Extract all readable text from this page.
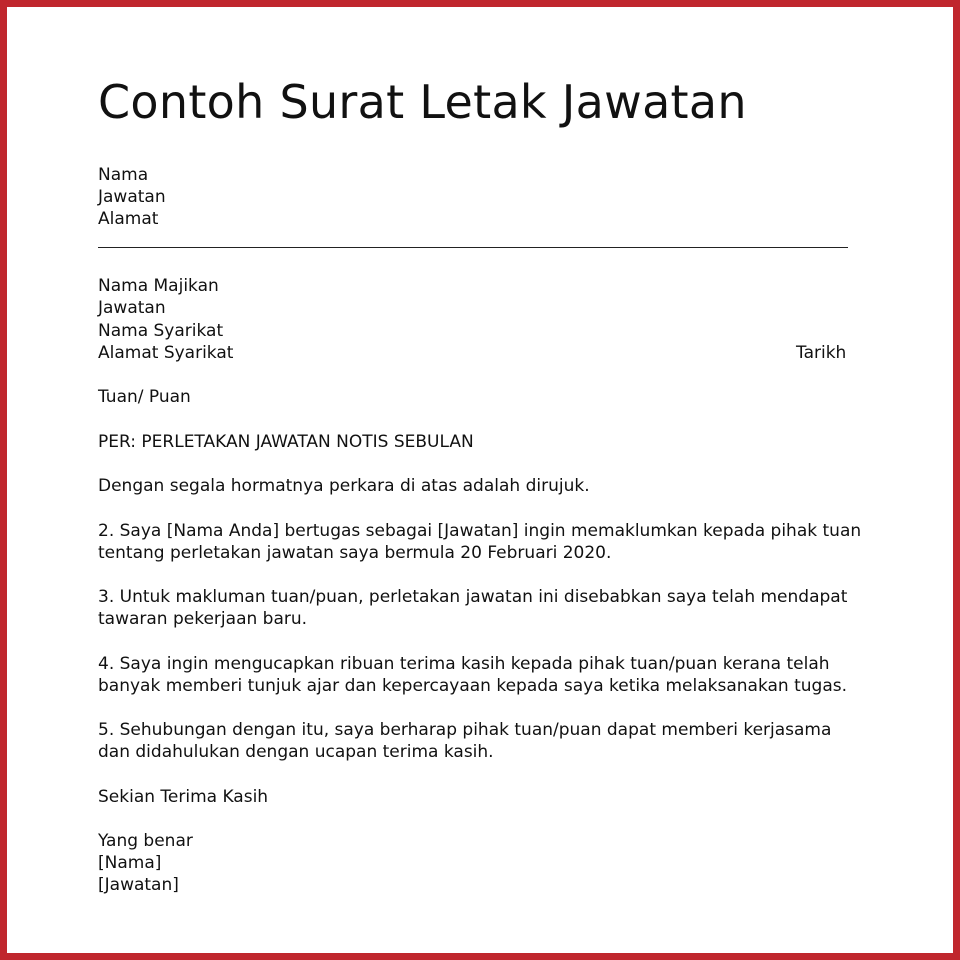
Contoh Surat Letak Jawatan

Nama

Jawatan

Alamat

Nama Majikan

Jawatan

Nama Syarikat

Alamat Syarikat	Tarikh

Tuan/ Puan

PER: PERLETAKAN JAWATAN NOTIS SEBULAN

Dengan segala hormatnya perkara di atas adalah dirujuk.

2. Saya [Nama Anda] bertugas sebagai [Jawatan] ingin memaklumkan kepada pihak tuan

tentang perletakan jawatan saya bermula 20 Februari 2020.

3. Untuk makluman tuan/puan, perletakan jawatan ini disebabkan saya telah mendapat

tawaran pekerjaan baru.

4. Saya ingin mengucapkan ribuan terima kasih kepada pihak tuan/puan kerana telah

banyak memberi tunjuk ajar dan kepercayaan kepada saya ketika melaksanakan tugas.

5. Sehubungan dengan itu, saya berharap pihak tuan/puan dapat memberi kerjasama

dan didahulukan dengan ucapan terima kasih.

Sekian Terima Kasih

Yang benar

[Nama]

[Jawatan]
